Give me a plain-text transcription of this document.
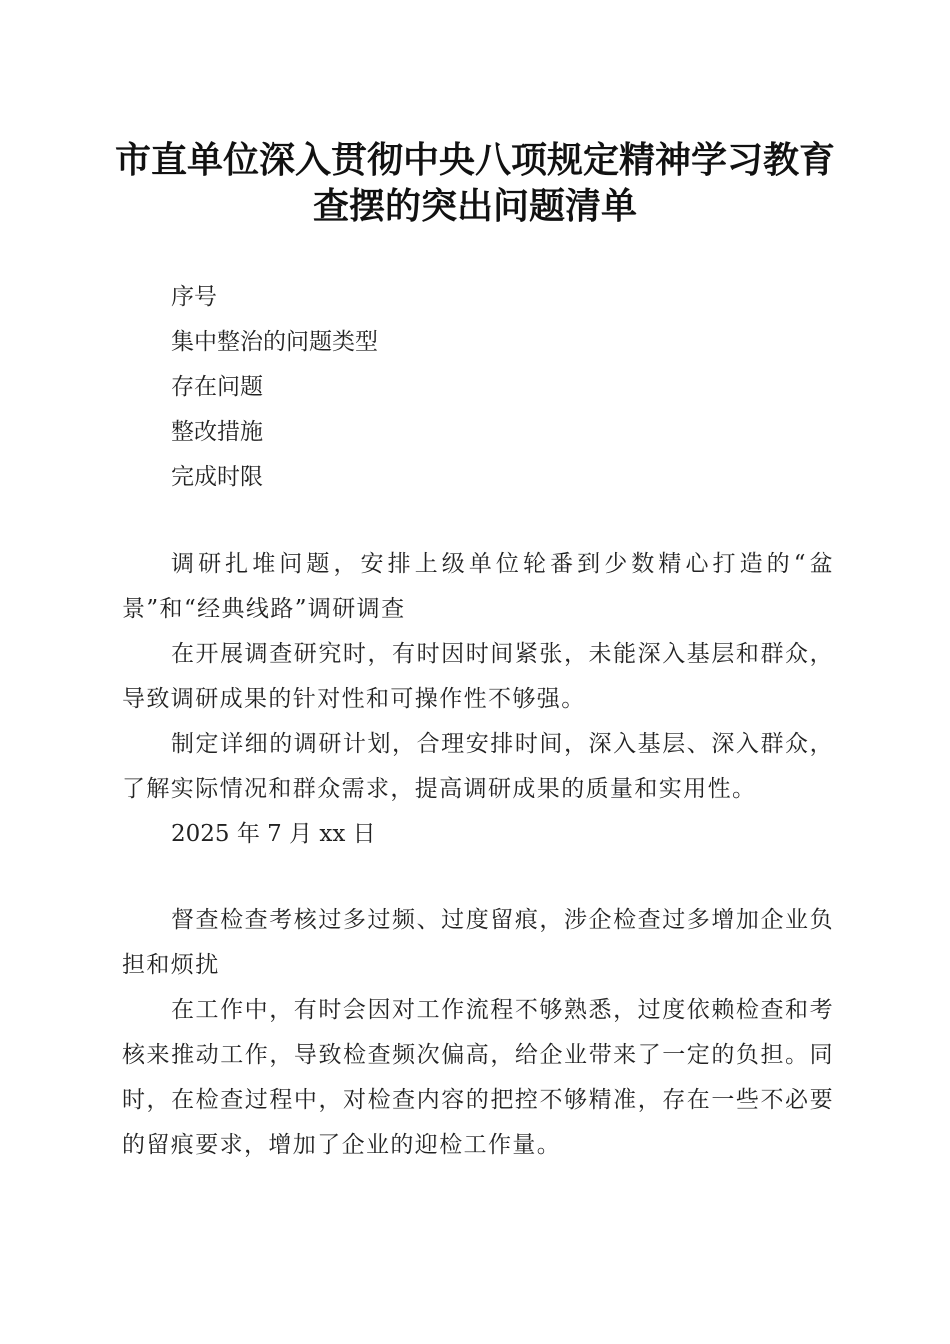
市直单位深入贯彻中央八项规定精神学习教育
查摆的突出问题清单
序号
集中整治的问题类型
存在问题
整改措施
完成时限
调研扎堆问题，安排上级单位轮番到少数精心打造的“盆景”和“经典线路”调研调查
在开展调查研究时，有时因时间紧张，未能深入基层和群众，导致调研成果的针对性和可操作性不够强。
制定详细的调研计划，合理安排时间，深入基层、深入群众，了解实际情况和群众需求，提高调研成果的质量和实用性。
2025 年 7 月 xx 日
督查检查考核过多过频、过度留痕，涉企检查过多增加企业负担和烦扰
在工作中，有时会因对工作流程不够熟悉，过度依赖检查和考核来推动工作，导致检查频次偏高，给企业带来了一定的负担。同时，在检查过程中，对检查内容的把控不够精准，存在一些不必要的留痕要求，增加了企业的迎检工作量。
